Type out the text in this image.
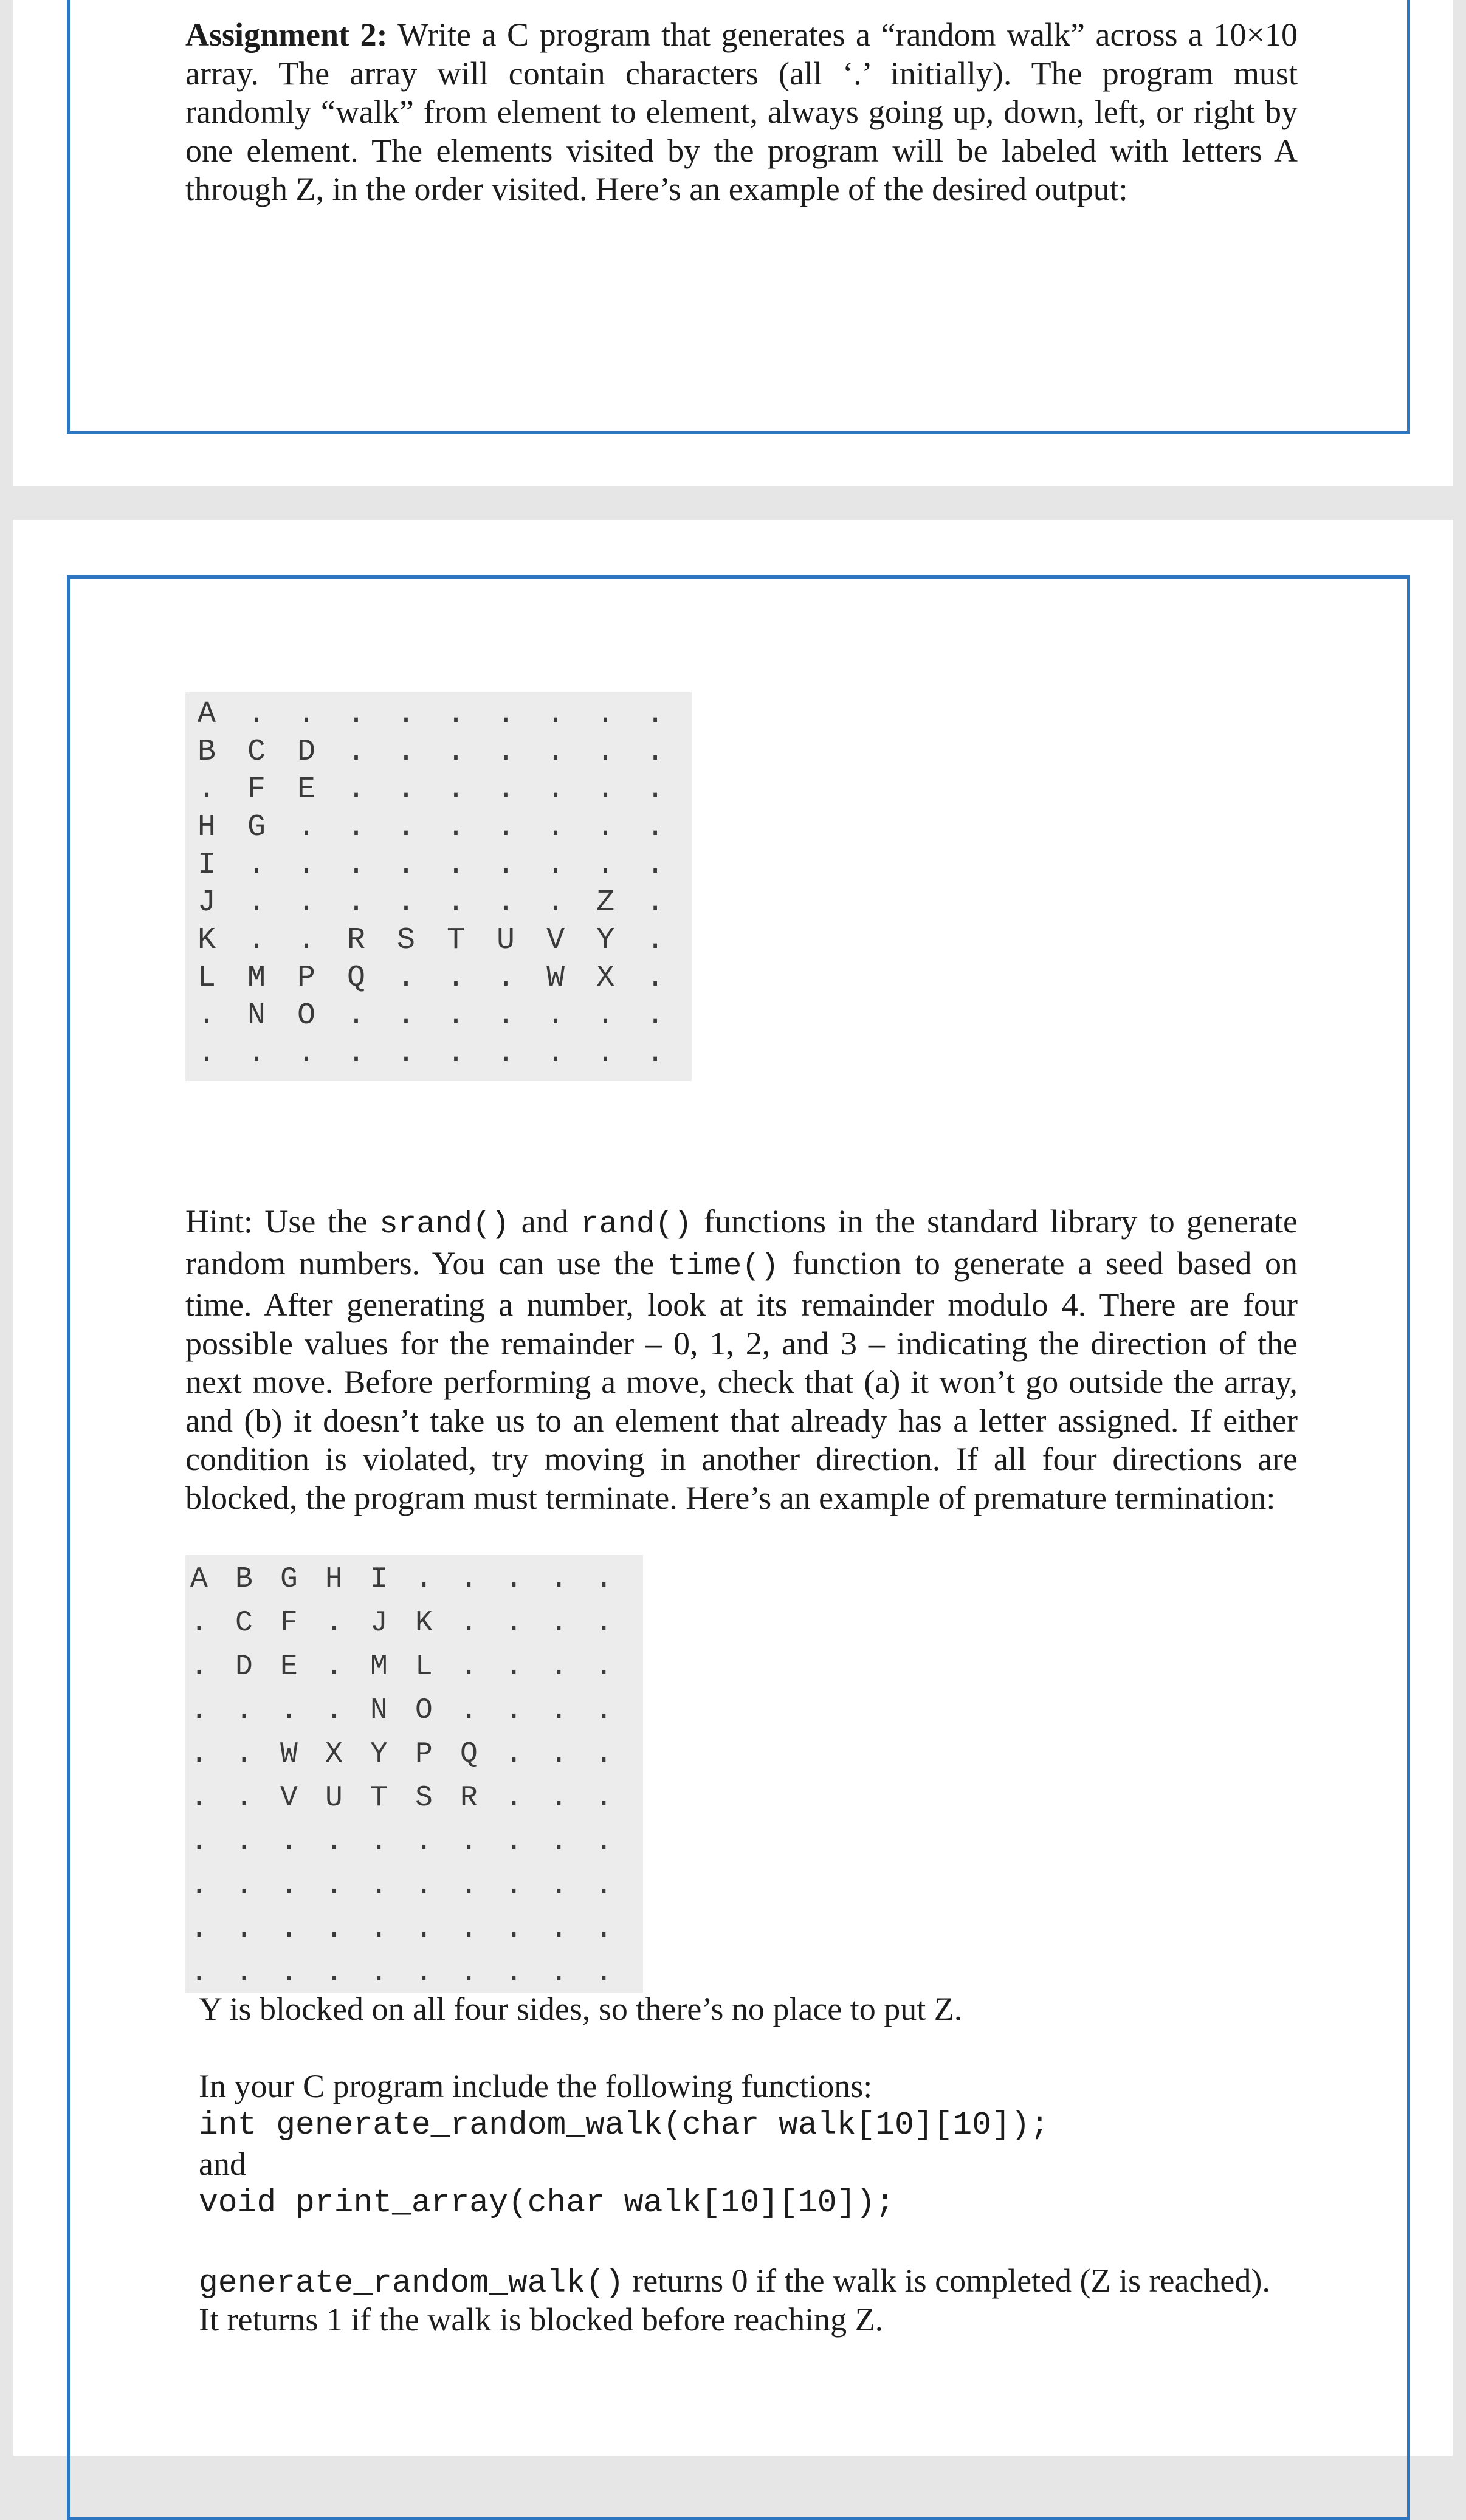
Assignment 2: Write a C program that generates a “random walk” across a 10×10 array. The array will contain characters (all ‘.’ initially). The program must randomly “walk” from element to element, always going up, down, left, or right by one element. The elements visited by the program will be labeled with letters A through Z, in the order visited. Here’s an example of the desired output:

A . . . . . . . . .
B C D . . . . . . .
. F E . . . . . . .
H G . . . . . . . .
I . . . . . . . . .
J . . . . . . . Z .
K . . R S T U V Y .
L M P Q . . . W X .
. N O . . . . . . .
. . . . . . . . . .

Hint: Use the srand() and rand() functions in the standard library to generate random numbers. You can use the time() function to generate a seed based on time. After generating a number, look at its remainder modulo 4. There are four possible values for the remainder – 0, 1, 2, and 3 – indicating the direction of the next move. Before performing a move, check that (a) it won’t go outside the array, and (b) it doesn’t take us to an element that already has a letter assigned. If either condition is violated, try moving in another direction. If all four directions are blocked, the program must terminate. Here’s an example of premature termination:

A B G H I . . . . .
. C F . J K . . . .
. D E . M L . . . .
. . . . N O . . . .
. . W X Y P Q . . .
. . V U T S R . . .
. . . . . . . . . .
. . . . . . . . . .
. . . . . . . . . .
. . . . . . . . . .
Y is blocked on all four sides, so there’s no place to put Z.
In your C program include the following functions:
int generate_random_walk(char walk[10][10]);
and
void print_array(char walk[10][10]);
generate_random_walk() returns 0 if the walk is completed (Z is reached).
It returns 1 if the walk is blocked before reaching Z.
